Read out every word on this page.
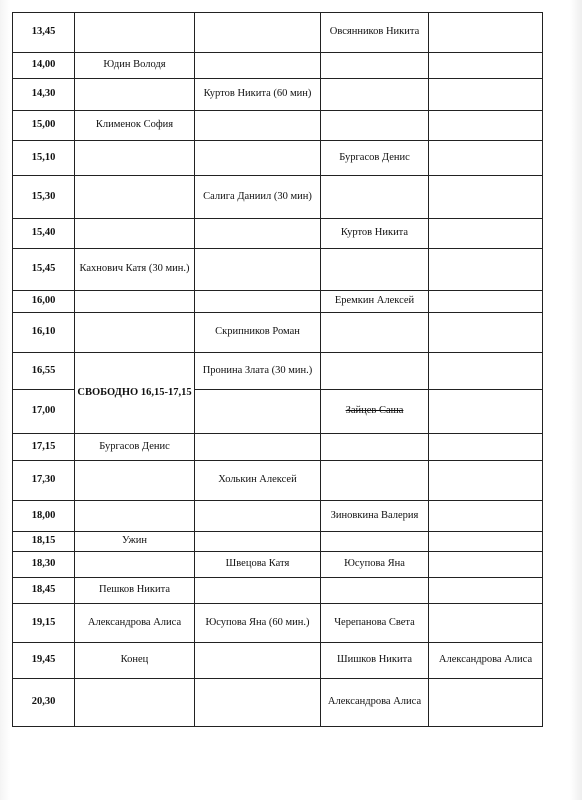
13,45			Овсянников Никита	
14,00	Юдин Володя			
14,30		Куртов Никита (60 мин)		
15,00	Клименок София			
15,10			Бургасов Денис	
15,30		Салига Даниил (30 мин)		
15,40			Куртов Никита	
15,45	Кахнович Катя (30 мин.)			
16,00			Еремкин Алексей	
16,10		Скрипников Роман		
16,55	СВОБОДНО 16,15-17,15	Пронина Злата (30 мин.)		
17,00			Зайцев Саша	
17,15	Бургасов Денис			
17,30		Холькин Алексей		
18,00			Зиновкина Валерия	
18,15	Ужин			
18,30		Швецова Катя	Юсупова Яна	
18,45	Пешков Никита			
19,15	Александрова Алиса	Юсупова Яна (60 мин.)	Черепанова Света	
19,45	Конец		Шишков Никита	Александрова Алиса
20,30			Александрова Алиса	
